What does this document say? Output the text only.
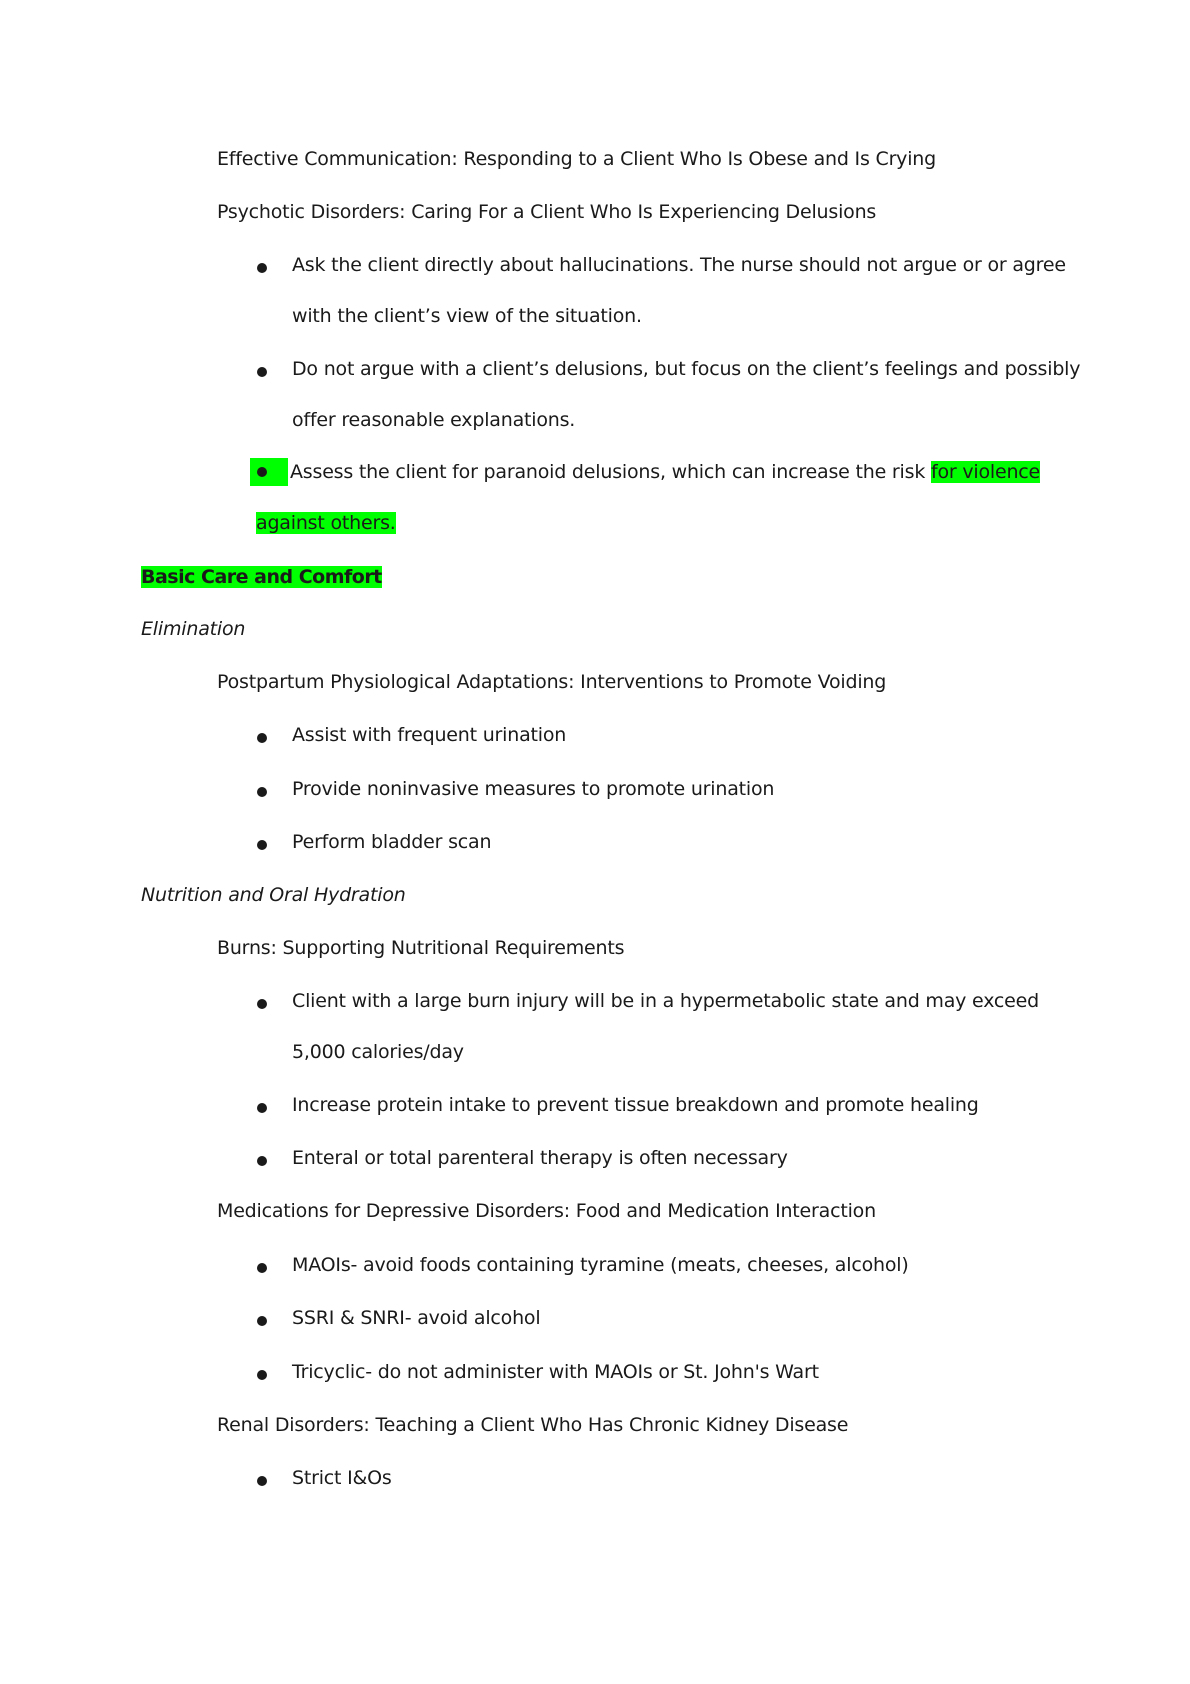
Effective Communication: Responding to a Client Who Is Obese and Is Crying
Psychotic Disorders: Caring For a Client Who Is Experiencing Delusions
Ask the client directly about hallucinations. The nurse should not argue or or agree
with the client’s view of the situation.
Do not argue with a client’s delusions, but focus on the client’s feelings and possibly
offer reasonable explanations.
Assess the client for paranoid delusions, which can increase the risk for violence
against others.
Basic Care and Comfort
Elimination
Postpartum Physiological Adaptations: Interventions to Promote Voiding
Assist with frequent urination
Provide noninvasive measures to promote urination
Perform bladder scan
Nutrition and Oral Hydration
Burns: Supporting Nutritional Requirements
Client with a large burn injury will be in a hypermetabolic state and may exceed
5,000 calories/day
Increase protein intake to prevent tissue breakdown and promote healing
Enteral or total parenteral therapy is often necessary
Medications for Depressive Disorders: Food and Medication Interaction
MAOIs- avoid foods containing tyramine (meats, cheeses, alcohol)
SSRI & SNRI- avoid alcohol
Tricyclic- do not administer with MAOIs or St. John's Wart
Renal Disorders: Teaching a Client Who Has Chronic Kidney Disease
Strict I&Os
